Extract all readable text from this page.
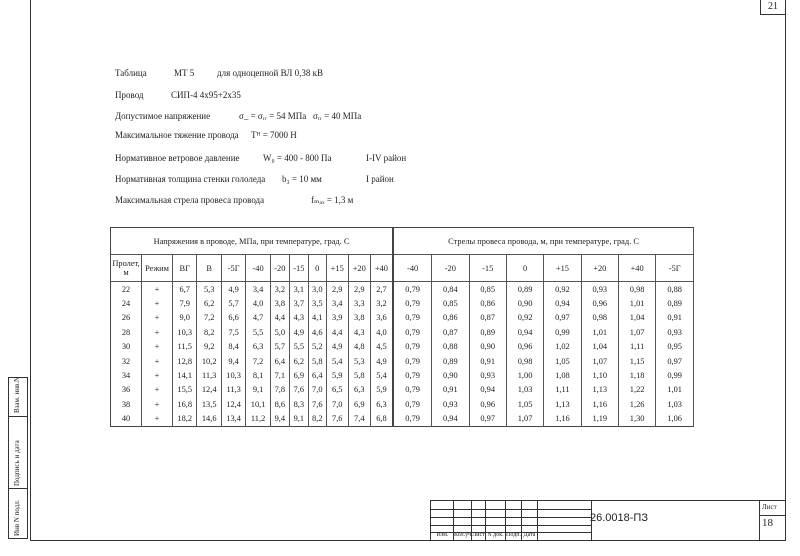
21
Таблица	МТ 5	для одноцепной ВЛ 0,38 кВ
Провод	СИП-4 4х95+2х35
Допустимое напряжение	σ_ = σᵣᵣ = 54 МПа σᵣᵣ = 40 МПа
Максимальное тяжение провода Тᴴ = 7000 Н
Нормативное ветровое давление	W₀ = 400 - 800 Па	I-IV район
Нормативная толщина стенки гололеда b₃ = 10 мм	I район
Максимальная стрела провеса провода	fₘₐₓ = 1,3 м
Напряжения в проводе, МПа, при температуре, град. С												Стрелы провеса провода, м, при температуре, град. С							
Пролет, м	Режим	ВГ	В	-5Г	-40	-20	-15	0	+15	+20	+40	-40	-20	-15	0	+15	+20	+40	-5Г
22	+	6,7	5,3	4,9	3,4	3,2	3,1	3,0	2,9	2,9	2,7	0,79	0,84	0,85	0,89	0,92	0,93	0,98	0,88
24	+	7,9	6,2	5,7	4,0	3,8	3,7	3,5	3,4	3,3	3,2	0,79	0,85	0,86	0,90	0,94	0,96	1,01	0,89
26	+	9,0	7,2	6,6	4,7	4,4	4,3	4,1	3,9	3,8	3,6	0,79	0,86	0,87	0,92	0,97	0,98	1,04	0,91
28	+	10,3	8,2	7,5	5,5	5,0	4,9	4,6	4,4	4,3	4,0	0,79	0,87	0,89	0,94	0,99	1,01	1,07	0,93
30	+	11,5	9,2	8,4	6,3	5,7	5,5	5,2	4,9	4,8	4,5	0,79	0,88	0,90	0,96	1,02	1,04	1,11	0,95
32	+	12,8	10,2	9,4	7,2	6,4	6,2	5,8	5,4	5,3	4,9	0,79	0,89	0,91	0,98	1,05	1,07	1,15	0,97
34	+	14,1	11,3	10,3	8,1	7,1	6,9	6,4	5,9	5,8	5,4	0,79	0,90	0,93	1,00	1,08	1,10	1,18	0,99
36	+	15,5	12,4	11,3	9,1	7,8	7,6	7,0	6,5	6,3	5,9	0,79	0,91	0,94	1,03	1,11	1,13	1,22	1,01
38	+	16,8	13,5	12,4	10,1	8,6	8,3	7,6	7,0	6,9	6,3	0,79	0,93	0,96	1,05	1,13	1,16	1,26	1,03
40	+	18,2	14,6	13,4	11,2	9,4	9,1	8,2	7,6	7,4	6,8	0,79	0,94	0,97	1,07	1,16	1,19	1,30	1,06
Взам. инв.N
Подпись и дата
Инв N подл.	Изм. Кол.уч Лист N док. Подп. Дата
26.0018-ПЗ
Лист
18
